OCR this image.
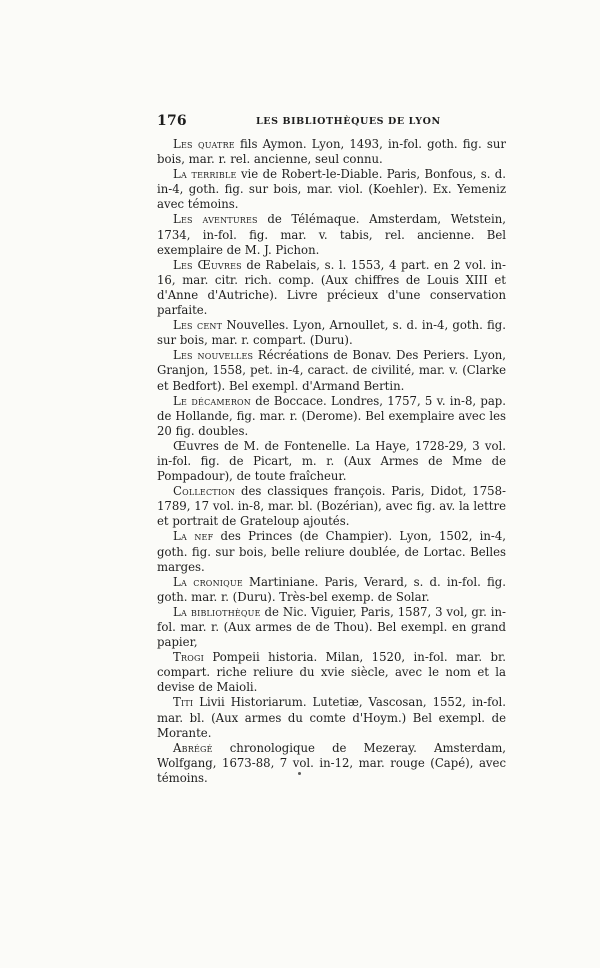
176	LES BIBLIOTHÈQUES DE LYON

Les quatre fils Aymon. Lyon, 1493, in-fol. goth. fig. sur bois, mar. r. rel. ancienne, seul connu.

La terrible vie de Robert-le-Diable. Paris, Bonfous, s. d. in-4, goth. fig. sur bois, mar. viol. (Koehler). Ex. Yemeniz avec témoins.

Les aventures de Télémaque. Amsterdam, Wetstein, 1734, in-fol. fig. mar. v. tabis, rel. ancienne. Bel exemplaire de M. J. Pichon.

Les Œuvres de Rabelais, s. l. 1553, 4 part. en 2 vol. in-16, mar. citr. rich. comp. (Aux chiffres de Louis XIII et d'Anne d'Autriche). Livre précieux d'une conservation parfaite.

Les cent Nouvelles. Lyon, Arnoullet, s. d. in-4, goth. fig. sur bois, mar. r. compart. (Duru).

Les nouvelles Récréations de Bonav. Des Periers. Lyon, Granjon, 1558, pet. in-4, caract. de civilité, mar. v. (Clarke et Bedfort). Bel exempl. d'Armand Bertin.

Le décameron de Boccace. Londres, 1757, 5 v. in-8, pap. de Hollande, fig. mar. r. (Derome). Bel exemplaire avec les 20 fig. doubles.

Œuvres de M. de Fontenelle. La Haye, 1728-29, 3 vol. in-fol. fig. de Picart, m. r. (Aux Armes de Mme de Pompadour), de toute fraîcheur.

Collection des classiques françois. Paris, Didot, 1758-1789, 17 vol. in-8, mar. bl. (Bozérian), avec fig. av. la lettre et portrait de Grateloup ajoutés.

La nef des Princes (de Champier). Lyon, 1502, in-4, goth. fig. sur bois, belle reliure doublée, de Lortac. Belles marges.

La cronique Martiniane. Paris, Verard, s. d. in-fol. fig. goth. mar. r. (Duru). Très-bel exemp. de Solar.

La bibliothèque de Nic. Viguier, Paris, 1587, 3 vol, gr. in-fol. mar. r. (Aux armes de de Thou). Bel exempl. en grand papier,

Trogi Pompeii historia. Milan, 1520, in-fol. mar. br. compart. riche reliure du xvie siècle, avec le nom et la devise de Maioli.

Titi Livii Historiarum. Lutetiæ, Vascosan, 1552, in-fol. mar. bl. (Aux armes du comte d'Hoym.) Bel exempl. de Morante.

Abrégé chronologique de Mezeray. Amsterdam, Wolfgang, 1673-88, 7 vol. in-12, mar. rouge (Capé), avec témoins.
